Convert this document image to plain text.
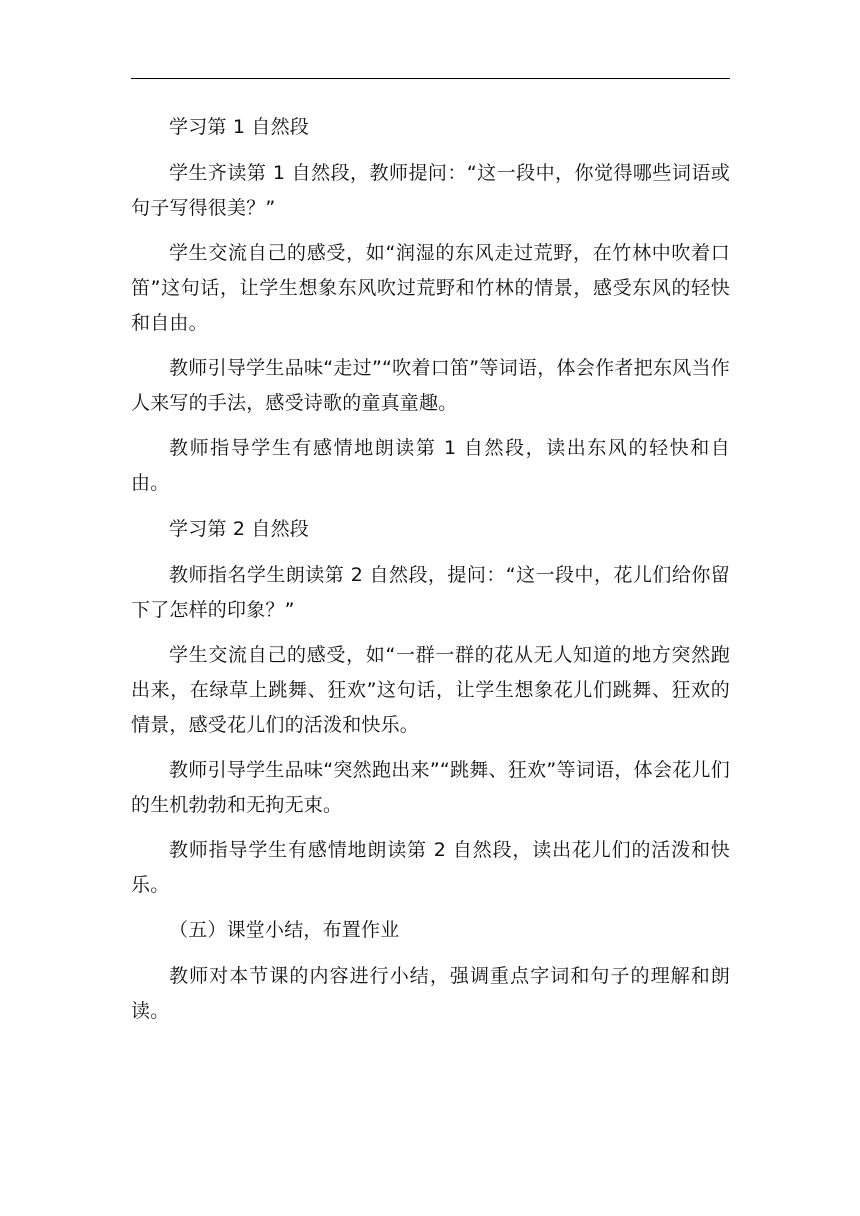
学习第 1 自然段

学生齐读第 1 自然段，教师提问：“这一段中，你觉得哪些词语或句子写得很美？”

学生交流自己的感受，如“润湿的东风走过荒野，在竹林中吹着口笛”这句话，让学生想象东风吹过荒野和竹林的情景，感受东风的轻快和自由。

教师引导学生品味“走过”“吹着口笛”等词语，体会作者把东风当作人来写的手法，感受诗歌的童真童趣。

教师指导学生有感情地朗读第 1 自然段，读出东风的轻快和自由。

学习第 2 自然段

教师指名学生朗读第 2 自然段，提问：“这一段中，花儿们给你留下了怎样的印象？”

学生交流自己的感受，如“一群一群的花从无人知道的地方突然跑出来，在绿草上跳舞、狂欢”这句话，让学生想象花儿们跳舞、狂欢的情景，感受花儿们的活泼和快乐。

教师引导学生品味“突然跑出来”“跳舞、狂欢”等词语，体会花儿们的生机勃勃和无拘无束。

教师指导学生有感情地朗读第 2 自然段，读出花儿们的活泼和快乐。

（五）课堂小结，布置作业

教师对本节课的内容进行小结，强调重点字词和句子的理解和朗读。
